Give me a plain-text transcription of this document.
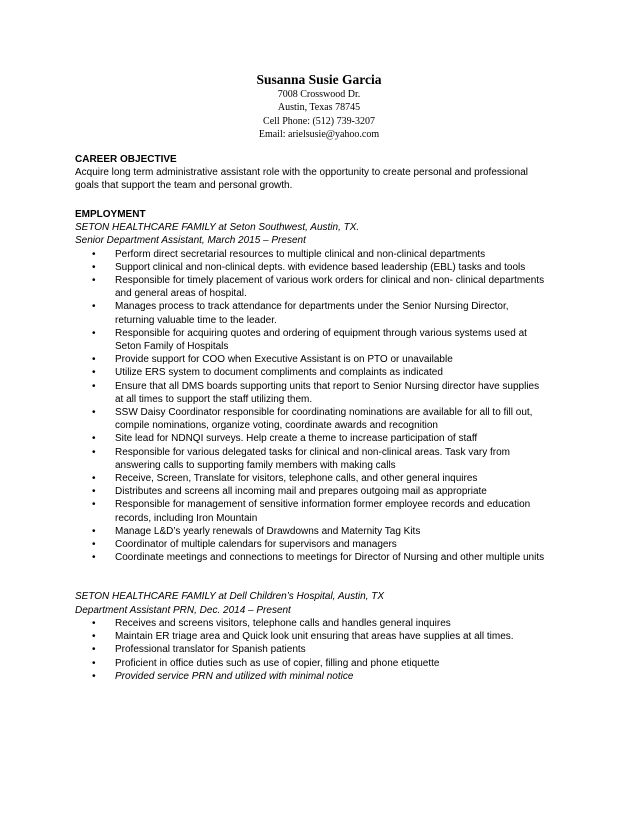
Susanna Susie Garcia
7008 Crosswood Dr.
Austin, Texas 78745
Cell Phone: (512) 739-3207
Email: arielsusie@yahoo.com
CAREER OBJECTIVE
Acquire long term administrative assistant role with the opportunity to create personal and professional
goals that support the team and personal growth.
EMPLOYMENT
SETON HEALTHCARE FAMILY at Seton Southwest, Austin, TX.
Senior Department Assistant, March 2015 – Present
• Perform direct secretarial resources to multiple clinical and non-clinical departments
• Support clinical and non-clinical depts. with evidence based leadership (EBL) tasks and tools
• Responsible for timely placement of various work orders for clinical and non- clinical departments
and general areas of hospital.
• Manages process to track attendance for departments under the Senior Nursing Director,
returning valuable time to the leader.
• Responsible for acquiring quotes and ordering of equipment through various systems used at
Seton Family of Hospitals
• Provide support for COO when Executive Assistant is on PTO or unavailable
• Utilize ERS system to document compliments and complaints as indicated
• Ensure that all DMS boards supporting units that report to Senior Nursing director have supplies
at all times to support the staff utilizing them.
• SSW Daisy Coordinator responsible for coordinating nominations are available for all to fill out,
compile nominations, organize voting, coordinate awards and recognition
• Site lead for NDNQI surveys. Help create a theme to increase participation of staff
• Responsible for various delegated tasks for clinical and non-clinical areas. Task vary from
answering calls to supporting family members with making calls
• Receive, Screen, Translate for visitors, telephone calls, and other general inquires
• Distributes and screens all incoming mail and prepares outgoing mail as appropriate
• Responsible for management of sensitive information former employee records and education
records, including Iron Mountain
• Manage L&D’s yearly renewals of Drawdowns and Maternity Tag Kits
• Coordinator of multiple calendars for supervisors and managers
• Coordinate meetings and connections to meetings for Director of Nursing and other multiple units
SETON HEALTHCARE FAMILY at Dell Children’s Hospital, Austin, TX
Department Assistant PRN, Dec. 2014 – Present
• Receives and screens visitors, telephone calls and handles general inquires
• Maintain ER triage area and Quick look unit ensuring that areas have supplies at all times.
• Professional translator for Spanish patients
• Proficient in office duties such as use of copier, filling and phone etiquette
• Provided service PRN and utilized with minimal notice
